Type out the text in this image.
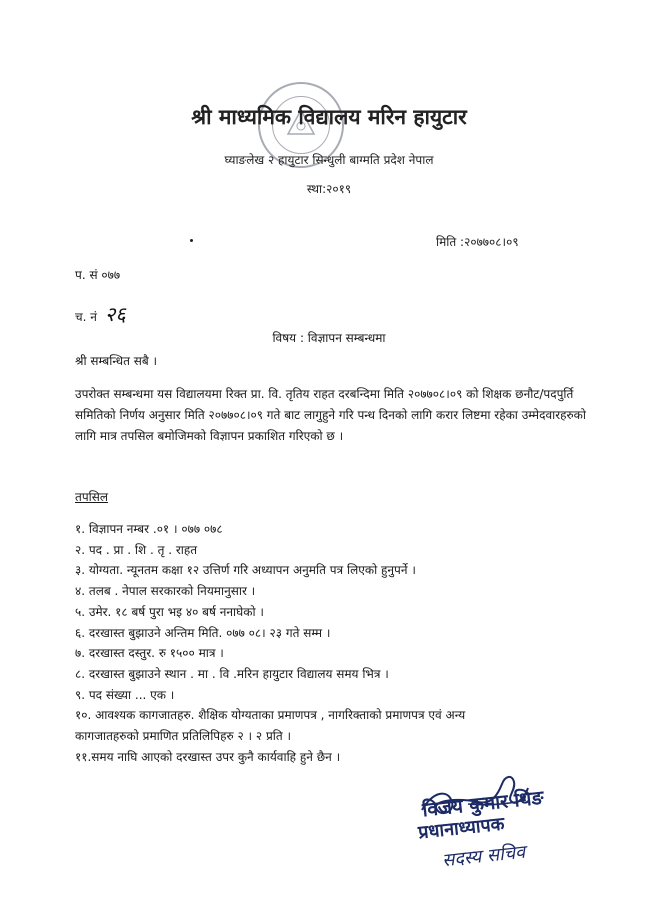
श्री माध्यमिक विद्यालय मरिन हायुटार
घ्याङलेख २ हायुटार सिन्धुली बाग्मति प्रदेश नेपाल
स्था:२०१९
मिति :२०७७०८।०९
प. सं ०७७
च. नं २६
विषय : विज्ञापन सम्बन्धमा
श्री सम्बन्धित सबै ।
उपरोक्त सम्बन्धमा यस विद्यालयमा रिक्त प्रा. वि. तृतिय राहत दरबन्दिमा मिति २०७७०८।०९ को शिक्षक छनौट/पदपुर्ति समितिको निर्णय अनुसार मिति २०७७०८।०९ गते बाट लागुहुने गरि पन्ध दिनको लागि करार लिष्टमा रहेका उम्मेदवारहरुको लागि मात्र तपसिल बमोजिमको विज्ञापन प्रकाशित गरिएको छ ।
तपसिल
१. विज्ञापन नम्बर .०१ । ०७७ ०७८
२. पद . प्रा . शि . तृ . राहत
३. योग्यता. न्यूनतम कक्षा १२ उत्तिर्ण गरि अध्यापन अनुमति पत्र लिएको हुनुपर्ने ।
४. तलब . नेपाल सरकारको नियमानुसार ।
५. उमेर. १८ बर्ष पुरा भइ ४० बर्ष ननाघेको ।
६. दरखास्त बुझाउने अन्तिम मिति. ०७७ ०८। २३ गते सम्म ।
७. दरखास्त दस्तुर. रु १५०० मात्र ।
८. दरखास्त बुझाउने स्थान . मा . वि .मरिन हायुटार विद्यालय समय भित्र ।
९. पद संख्या ... एक ।
१०. आवश्यक कागजातहरु. शैक्षिक योग्यताका प्रमाणपत्र , नागरिक्ताको प्रमाणपत्र एवं अन्य
कागजातहरुको प्रमाणित प्रतिलिपिहरु २ । २ प्रति ।
११.समय नाघि आएको दरखास्त उपर कुनै कार्यवाहि हुने छैन ।
विजय कुमार थिङ
प्रधानाध्यापक
सदस्य सचिव
